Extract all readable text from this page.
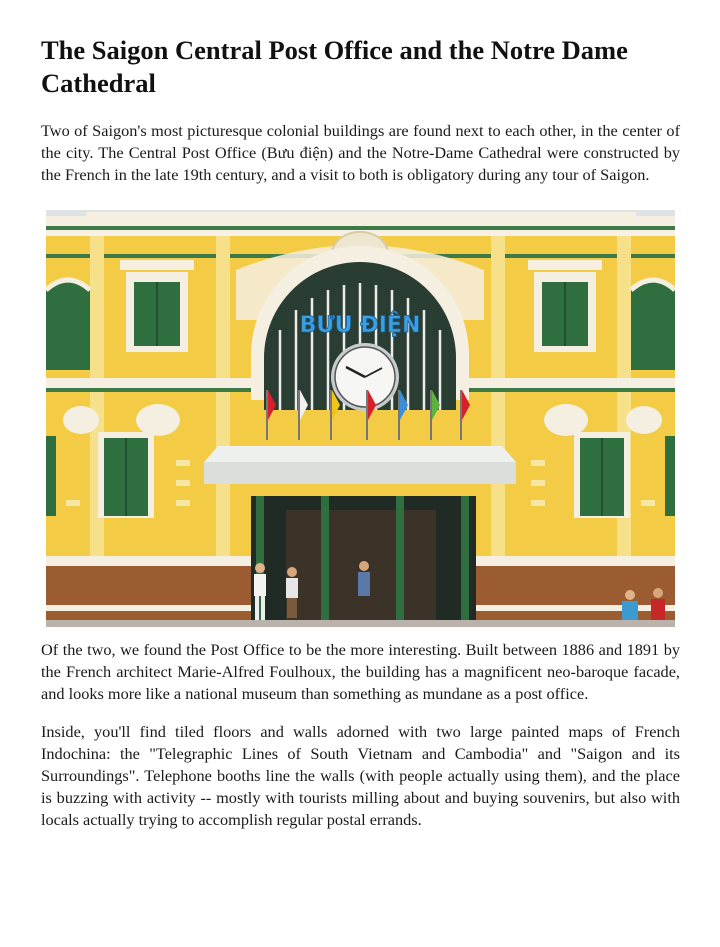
The Saigon Central Post Office and the Notre Dame Cathedral

Two of Saigon's most picturesque colonial buildings are found next to each other, in the center of the city. The Central Post Office (Bưu điện) and the Notre-Dame Cathedral were constructed by the French in the late 19th century, and a visit to both is obligatory during any tour of Saigon.

BƯU ĐIỆN

Of the two, we found the Post Office to be the more interesting. Built between 1886 and 1891 by the French architect Marie-Alfred Foulhoux, the building has a magnificent neo-baroque facade, and looks more like a national museum than something as mundane as a post office.

Inside, you'll find tiled floors and walls adorned with two large painted maps of French Indochina: the "Telegraphic Lines of South Vietnam and Cambodia" and "Saigon and its Surroundings". Telephone booths line the walls (with people actually using them), and the place is buzzing with activity -- mostly with tourists milling about and buying souvenirs, but also with locals actually trying to accomplish regular postal errands.
